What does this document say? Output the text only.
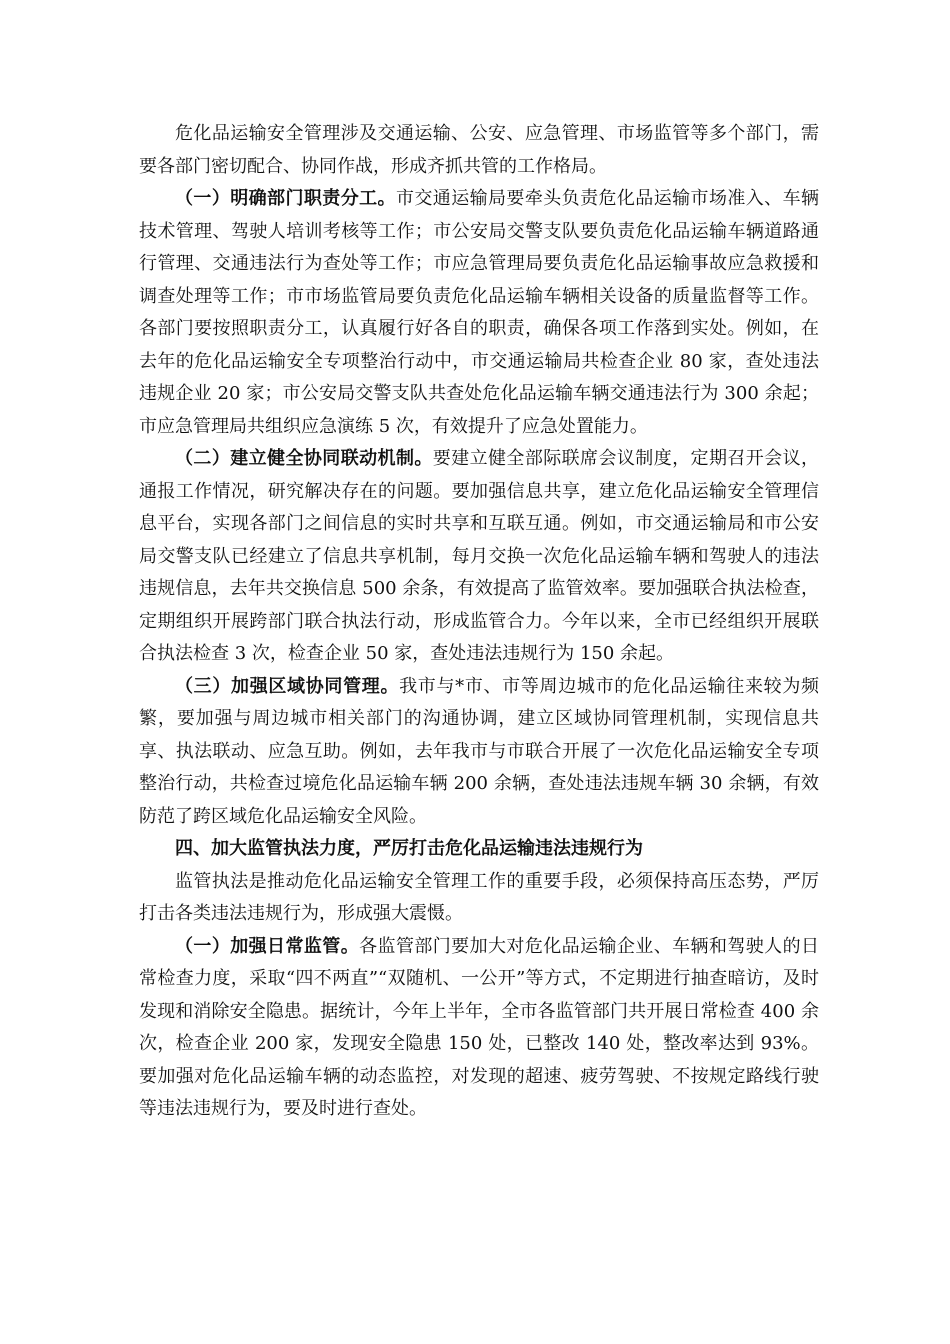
危化品运输安全管理涉及交通运输、公安、应急管理、市场监管等多个部门，需要各部门密切配合、协同作战，形成齐抓共管的工作格局。

（一）明确部门职责分工。市交通运输局要牵头负责危化品运输市场准入、车辆技术管理、驾驶人培训考核等工作；市公安局交警支队要负责危化品运输车辆道路通行管理、交通违法行为查处等工作；市应急管理局要负责危化品运输事故应急救援和调查处理等工作；市市场监管局要负责危化品运输车辆相关设备的质量监督等工作。各部门要按照职责分工，认真履行好各自的职责，确保各项工作落到实处。例如，在去年的危化品运输安全专项整治行动中，市交通运输局共检查企业 80 家，查处违法违规企业 20 家；市公安局交警支队共查处危化品运输车辆交通违法行为 300 余起；市应急管理局共组织应急演练 5 次，有效提升了应急处置能力。

（二）建立健全协同联动机制。要建立健全部际联席会议制度，定期召开会议，通报工作情况，研究解决存在的问题。要加强信息共享，建立危化品运输安全管理信息平台，实现各部门之间信息的实时共享和互联互通。例如，市交通运输局和市公安局交警支队已经建立了信息共享机制，每月交换一次危化品运输车辆和驾驶人的违法违规信息，去年共交换信息 500 余条，有效提高了监管效率。要加强联合执法检查，定期组织开展跨部门联合执法行动，形成监管合力。今年以来，全市已经组织开展联合执法检查 3 次，检查企业 50 家，查处违法违规行为 150 余起。

（三）加强区域协同管理。我市与*市、市等周边城市的危化品运输往来较为频繁，要加强与周边城市相关部门的沟通协调，建立区域协同管理机制，实现信息共享、执法联动、应急互助。例如，去年我市与市联合开展了一次危化品运输安全专项整治行动，共检查过境危化品运输车辆 200 余辆，查处违法违规车辆 30 余辆，有效防范了跨区域危化品运输安全风险。

四、加大监管执法力度，严厉打击危化品运输违法违规行为

监管执法是推动危化品运输安全管理工作的重要手段，必须保持高压态势，严厉打击各类违法违规行为，形成强大震慑。

（一）加强日常监管。各监管部门要加大对危化品运输企业、车辆和驾驶人的日常检查力度，采取“四不两直”“双随机、一公开”等方式，不定期进行抽查暗访，及时发现和消除安全隐患。据统计，今年上半年，全市各监管部门共开展日常检查 400 余次，检查企业 200 家，发现安全隐患 150 处，已整改 140 处，整改率达到 93%。要加强对危化品运输车辆的动态监控，对发现的超速、疲劳驾驶、不按规定路线行驶等违法违规行为，要及时进行查处。
